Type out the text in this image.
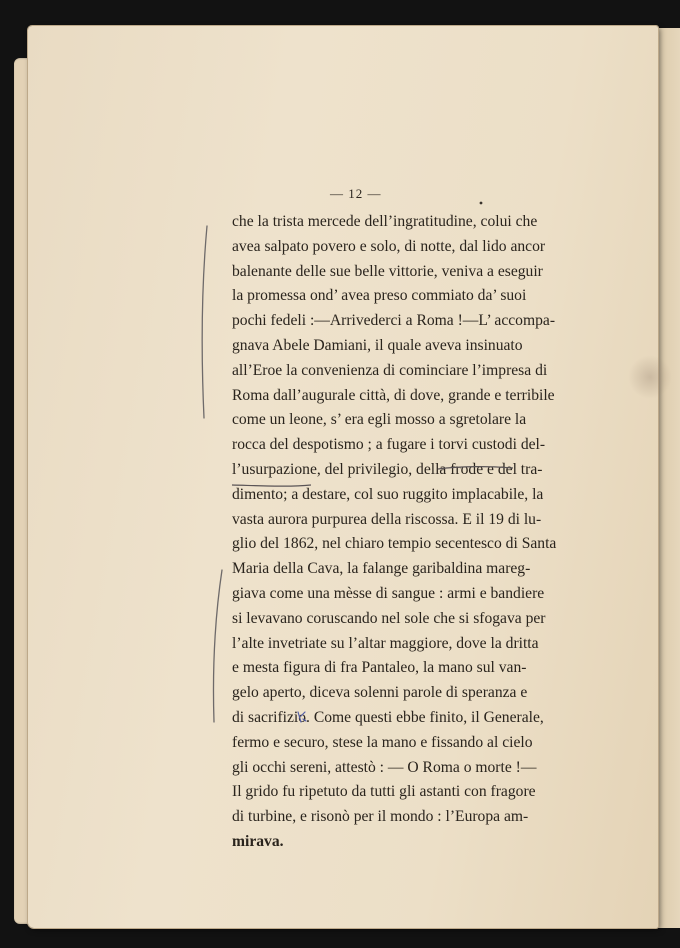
— 12 —
che la trista mercede dell’ingratitudine, colui che
avea salpato povero e solo, di notte, dal lido ancor
balenante delle sue belle vittorie, veniva a eseguir
la promessa ond’ avea preso commiato da’ suoi
pochi fedeli :—Arrivederci a Roma !—L’ accompa-
gnava Abele Damiani, il quale aveva insinuato
all’Eroe la convenienza di cominciare l’impresa di
Roma dall’augurale città, di dove, grande e terribile
come un leone, s’ era egli mosso a sgretolare la
rocca del despotismo ; a fugare i torvi custodi del-
l’usurpazione, del privilegio, della frode e del tra-
dimento; a destare, col suo ruggito implacabile, la
vasta aurora purpurea della riscossa. E il 19 di lu-
glio del 1862, nel chiaro tempio secentesco di Santa
Maria della Cava, la falange garibaldina mareg-
giava come una mèsse di sangue : armi e bandiere
si levavano coruscando nel sole che si sfogava per
l’alte invetriate su l’altar maggiore, dove la dritta
e mesta figura di fra Pantaleo, la mano sul van-
gelo aperto, diceva solenni parole di speranza e
di sacrifizio. Come questi ebbe finito, il Generale,
fermo e securo, stese la mano e fissando al cielo
gli occhi sereni, attestò : — O Roma o morte !—
Il grido fu ripetuto da tutti gli astanti con fragore
di turbine, e risonò per il mondo : l’Europa am-
mirava.
